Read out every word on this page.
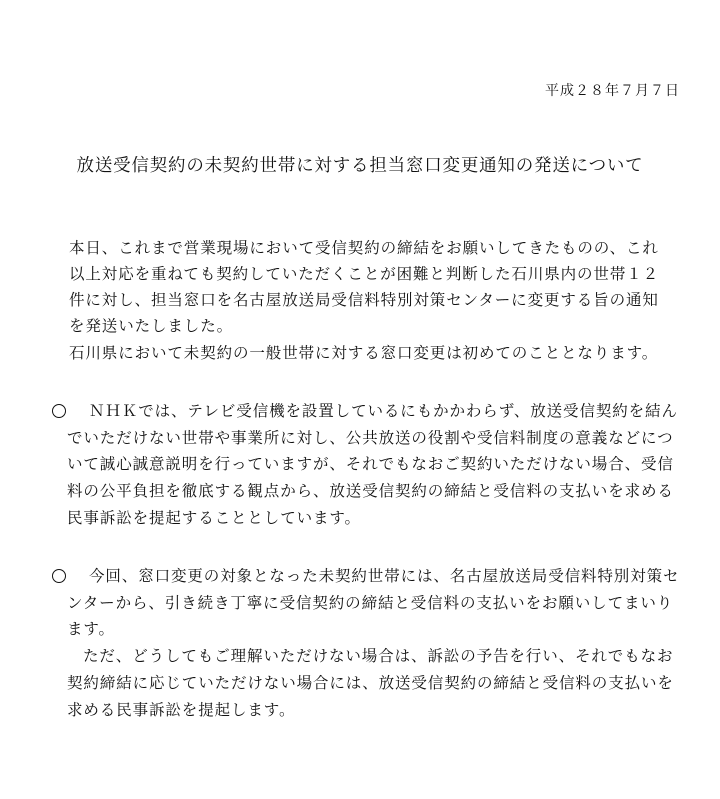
平成２８年７月７日
放送受信契約の未契約世帯に対する担当窓口変更通知の発送について
本日、これまで営業現場において受信契約の締結をお願いしてきたものの、これ
以上対応を重ねても契約していただくことが困難と判断した石川県内の世帯１２
件に対し、担当窓口を名古屋放送局受信料特別対策センターに変更する旨の通知
を発送いたしました。
石川県において未契約の一般世帯に対する窓口変更は初めてのこととなります。
ＮＨＫでは、テレビ受信機を設置しているにもかかわらず、放送受信契約を結ん
でいただけない世帯や事業所に対し、公共放送の役割や受信料制度の意義などにつ
いて誠心誠意説明を行っていますが、それでもなおご契約いただけない場合、受信
料の公平負担を徹底する観点から、放送受信契約の締結と受信料の支払いを求める
民事訴訟を提起することとしています。
今回、窓口変更の対象となった未契約世帯には、名古屋放送局受信料特別対策セ
ンターから、引き続き丁寧に受信契約の締結と受信料の支払いをお願いしてまいり
ます。
ただ、どうしてもご理解いただけない場合は、訴訟の予告を行い、それでもなお
契約締結に応じていただけない場合には、放送受信契約の締結と受信料の支払いを
求める民事訴訟を提起します。
